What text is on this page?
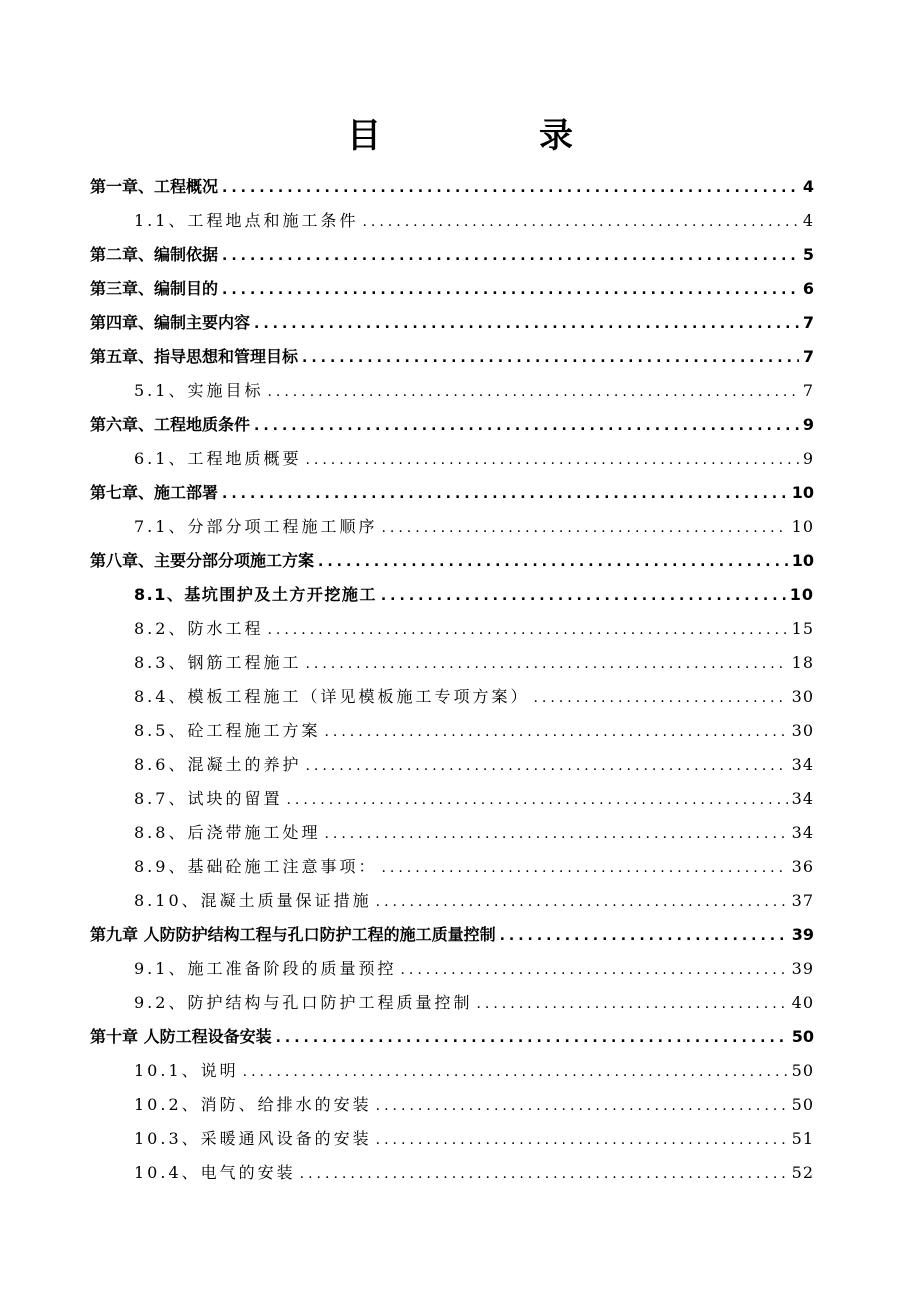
目　录
第一章、工程概况 .....	4
1.1、工程地点和施工条件 .....	4
第二章、编制依据 .....	5
第三章、编制目的 .....	6
第四章、编制主要内容 .....	7
第五章、指导思想和管理目标 .....	7
5.1、实施目标 .....	7
第六章、工程地质条件 .....	9
6.1、工程地质概要 .....	9
第七章、施工部署 .....	10
7.1、分部分项工程施工顺序 .....	10
第八章、主要分部分项施工方案 .....	10
8.1、基坑围护及土方开挖施工 .....	10
8.2、防水工程 .....	15
8.3、钢筋工程施工 .....	18
8.4、模板工程施工（详见模板施工专项方案） .....	30
8.5、砼工程施工方案 .....	30
8.6、混凝土的养护 .....	34
8.7、试块的留置 .....	34
8.8、后浇带施工处理 .....	34
8.9、基础砼施工注意事项： .....	36
8.10、混凝土质量保证措施 .....	37
第九章 人防防护结构工程与孔口防护工程的施工质量控制 .....	39
9.1、施工准备阶段的质量预控 .....	39
9.2、防护结构与孔口防护工程质量控制 .....	40
第十章 人防工程设备安装 .....	50
10.1、说明 .....	50
10.2、消防、给排水的安装 .....	50
10.3、采暖通风设备的安装 .....	51
10.4、电气的安装 .....	52
